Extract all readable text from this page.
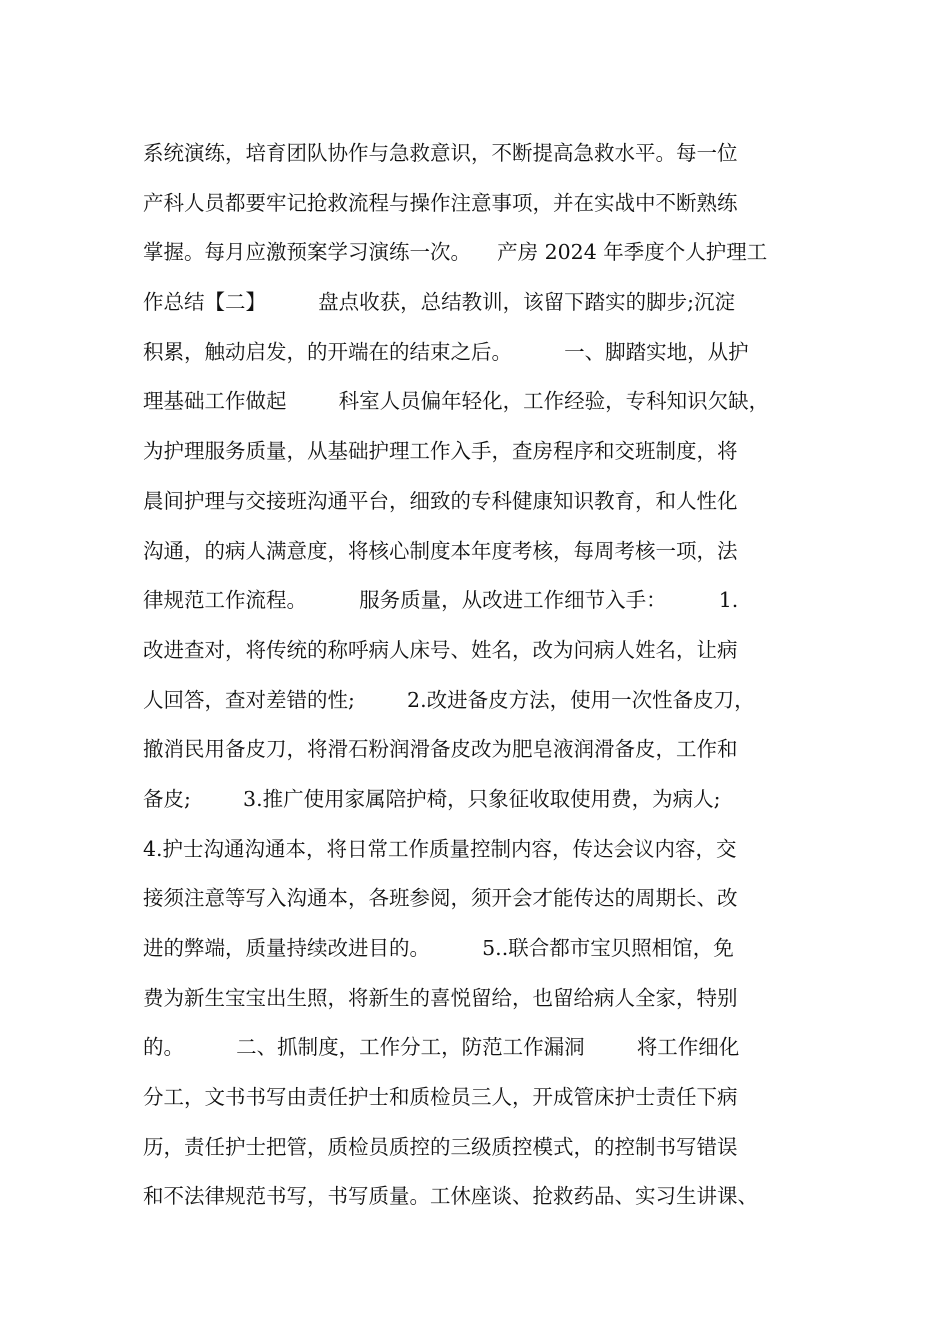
系统演练，培育团队协作与急救意识，不断提高急救水平。每一位
产科人员都要牢记抢救流程与操作注意事项，并在实战中不断熟练
掌握。每月应激预案学习演练一次。    产房 2024 年季度个人护理工
作总结【二】        盘点收获，总结教训，该留下踏实的脚步;沉淀
积累，触动启发，的开端在的结束之后。        一、脚踏实地，从护
理基础工作做起        科室人员偏年轻化，工作经验，专科知识欠缺，
为护理服务质量，从基础护理工作入手，查房程序和交班制度，将
晨间护理与交接班沟通平台，细致的专科健康知识教育，和人性化
沟通，的病人满意度，将核心制度本年度考核，每周考核一项，法
律规范工作流程。        服务质量，从改进工作细节入手：        1.
改进查对，将传统的称呼病人床号、姓名，改为问病人姓名，让病
人回答，查对差错的性;        2.改进备皮方法，使用一次性备皮刀，
撤消民用备皮刀，将滑石粉润滑备皮改为肥皂液润滑备皮，工作和
备皮;        3.推广使用家属陪护椅，只象征收取使用费，为病人;
4.护士沟通沟通本，将日常工作质量控制内容，传达会议内容，交
接须注意等写入沟通本，各班参阅，须开会才能传达的周期长、改
进的弊端，质量持续改进目的。        5..联合都市宝贝照相馆，免
费为新生宝宝出生照，将新生的喜悦留给，也留给病人全家，特别
的。        二、抓制度，工作分工，防范工作漏洞        将工作细化
分工，文书书写由责任护士和质检员三人，开成管床护士责任下病
历，责任护士把管，质检员质控的三级质控模式，的控制书写错误
和不法律规范书写，书写质量。工休座谈、抢救药品、实习生讲课、
